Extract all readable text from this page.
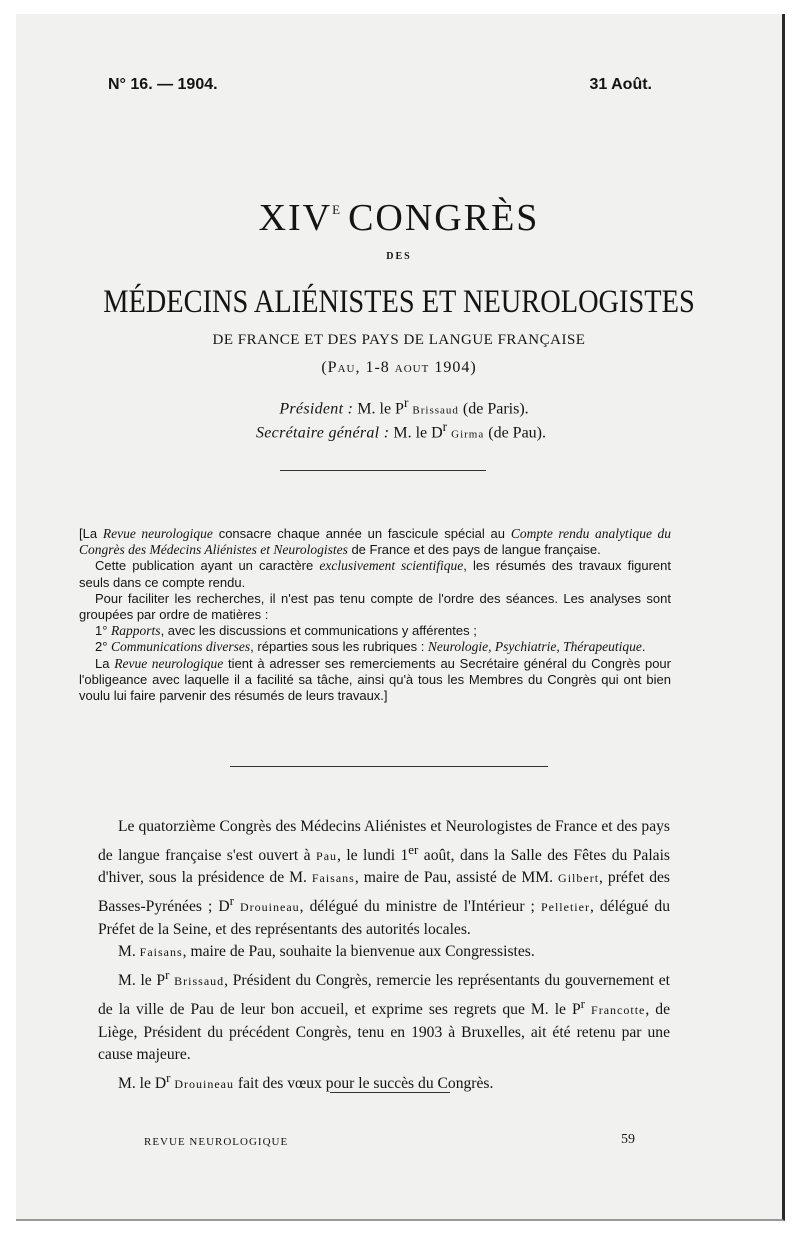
N° 16. — 1904.	31 Août.
$XIV^E$ CONGRÈS
DES
MÉDECINS ALIÉNISTES ET NEUROLOGISTES
DE FRANCE ET DES PAYS DE LANGUE FRANÇAISE
(PAU, 1-8 AOUT 1904)
Président : M. le $P^r$ Brissaud (de Paris).
Secrétaire général : M. le $D^r$ Girma (de Pau).

[La Revue neurologique consacre chaque année un fascicule spécial au Compte rendu analytique du Congrès des Médecins Aliénistes et Neurologistes de France et des pays de langue française.

Cette publication ayant un caractère exclusivement scientifique, les résumés des travaux figurent seuls dans ce compte rendu.

Pour faciliter les recherches, il n'est pas tenu compte de l'ordre des séances. Les analyses sont groupées par ordre de matières :

1° Rapports, avec les discussions et communications y afférentes ;

2° Communications diverses, réparties sous les rubriques : Neurologie, Psychiatrie, Thérapeutique.

La Revue neurologique tient à adresser ses remerciements au Secrétaire général du Congrès pour l'obligeance avec laquelle il a facilité sa tâche, ainsi qu'à tous les Membres du Congrès qui ont bien voulu lui faire parvenir des résumés de leurs travaux.]

Le quatorzième Congrès des Médecins Aliénistes et Neurologistes de France et des pays de langue française s'est ouvert à Pau, le lundi 1er août, dans la Salle des Fêtes du Palais d'hiver, sous la présidence de M. Faisans, maire de Pau, assisté de MM. Gilbert, préfet des Basses-Pyrénées ; $D^r$ Drouineau, délégué du ministre de l'Intérieur ; Pelletier, délégué du Préfet de la Seine, et des représentants des autorités locales.

M. Faisans, maire de Pau, souhaite la bienvenue aux Congressistes.

M. le $P^r$ Brissaud, Président du Congrès, remercie les représentants du gouvernement et de la ville de Pau de leur bon accueil, et exprime ses regrets que M. le $P^r$ Francotte, de Liège, Président du précédent Congrès, tenu en 1903 à Bruxelles, ait été retenu par une cause majeure.

M. le $D^r$ Drouineau fait des vœux pour le succès du Congrès.

REVUE NEUROLOGIQUE	59
